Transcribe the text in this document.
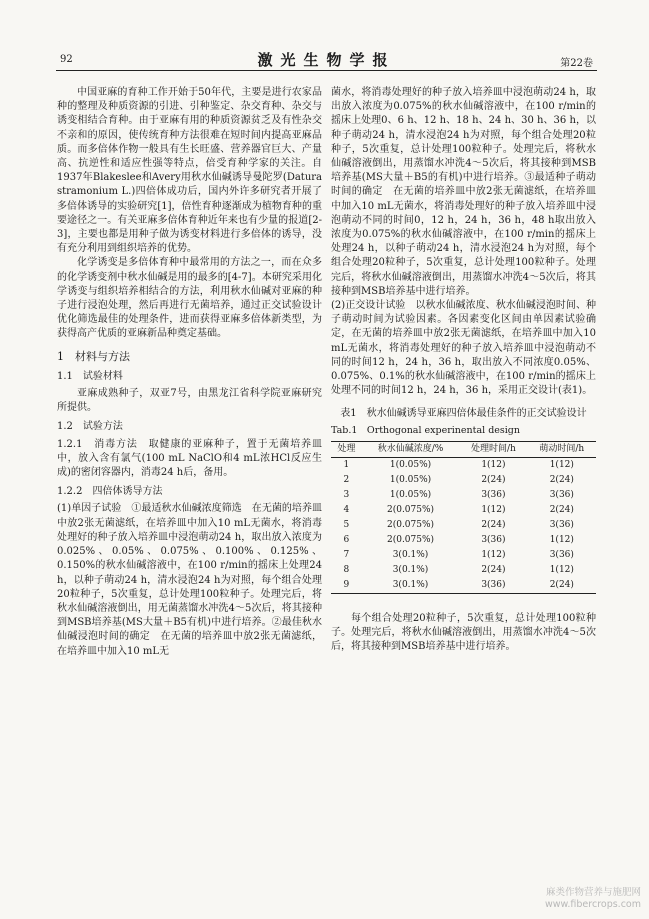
92	激光生物学报	第22卷

中国亚麻的育种工作开始于50年代，主要是进行农家品种的整理及种质资源的引进、引种鉴定、杂交育种、杂交与诱变相结合育种。由于亚麻有用的种质资源贫乏及有性杂交不亲和的原因，使传统育种方法很难在短时间内提高亚麻品质。而多倍体作物一般具有生长旺盛、营养器官巨大、产量高、抗逆性和适应性强等特点，倍受育种学家的关注。自1937年Blakeslee和Avery用秋水仙碱诱导曼陀罗(Datura stramonium L.)四倍体成功后，国内外许多研究者开展了多倍体诱导的实验研究[1]，倍性育种逐渐成为植物育种的重要途径之一。有关亚麻多倍体育种近年来也有少量的报道[2-3]，主要也都是用种子做为诱变材料进行多倍体的诱导，没有充分利用到组织培养的优势。

化学诱变是多倍体育种中最常用的方法之一，而在众多的化学诱变剂中秋水仙碱是用的最多的[4-7]。本研究采用化学诱变与组织培养相结合的方法，利用秋水仙碱对亚麻的种子进行浸泡处理，然后再进行无菌培养，通过正交试验设计优化筛选最佳的处理条件，进而获得亚麻多倍体新类型，为获得高产优质的亚麻新品种奠定基础。

1　材料与方法

1.1　试验材料

亚麻成熟种子，双亚7号，由黑龙江省科学院亚麻研究所提供。

1.2　试验方法

1.2.1　消毒方法　 取健康的亚麻种子，置于无菌培养皿中，放入含有氯气(100 mL NaClO和4 mL浓HCl反应生成)的密闭容器内，消毒24 h后，备用。

1.2.2　四倍体诱导方法

(1)单因子试验　①最适秋水仙碱浓度筛选　在无菌的培养皿中放2张无菌滤纸，在培养皿中加入10 mL无菌水，将消毒处理好的种子放入培养皿中浸泡萌动24 h，取出放入浓度为0.025%、0.05%、0.075%、0.100%、0.125%、0.150%的秋水仙碱溶液中，在100 r/min的摇床上处理24 h，以种子萌动24 h，清水浸泡24 h为对照，每个组合处理20粒种子，5次重复，总计处理100粒种子。处理完后，将秋水仙碱溶液倒出，用无菌蒸馏水冲洗4～5次后，将其接种到MSB培养基(MS大量＋B5有机)中进行培养。②最佳秋水仙碱浸泡时间的确定　在无菌的培养皿中放2张无菌滤纸，在培养皿中加入10 mL无

菌水，将消毒处理好的种子放入培养皿中浸泡萌动24 h，取出放入浓度为0.075%的秋水仙碱溶液中，在100 r/min的摇床上处理0、6 h、12 h、18 h、24 h、30 h、36 h，以种子萌动24 h，清水浸泡24 h为对照，每个组合处理20粒种子，5次重复，总计处理100粒种子。处理完后，将秋水仙碱溶液倒出，用蒸馏水冲洗4～5次后，将其接种到MSB培养基(MS大量＋B5的有机)中进行培养。③最适种子萌动时间的确定　在无菌的培养皿中放2张无菌滤纸，在培养皿中加入10 mL无菌水，将消毒处理好的种子放入培养皿中浸泡萌动不同的时间0，12 h，24 h，36 h，48 h取出放入浓度为0.075%的秋水仙碱溶液中，在100 r/min的摇床上处理24 h，以种子萌动24 h，清水浸泡24 h为对照，每个组合处理20粒种子，5次重复，总计处理100粒种子。处理完后，将秋水仙碱溶液倒出，用蒸馏水冲洗4～5次后，将其接种到MSB培养基中进行培养。

(2)正交设计试验　以秋水仙碱浓度、秋水仙碱浸泡时间、种子萌动时间为试验因素。各因素变化区间由单因素试验确定，在无菌的培养皿中放2张无菌滤纸，在培养皿中加入10 mL无菌水，将消毒处理好的种子放入培养皿中浸泡萌动不同的时间12 h，24 h，36 h，取出放入不同浓度0.05%、0.075%、0.1%的秋水仙碱溶液中，在100 r/min的摇床上处理不同的时间12 h，24 h，36 h，采用正交设计(表1)。

表1　秋水仙碱诱导亚麻四倍体最佳条件的正交试验设计

Tab.1　Orthogonal experinental design

处理	秋水仙碱浓度/%	处理时间/h	萌动时间/h
1	1(0.05%)	1(12)	1(12)
2	1(0.05%)	2(24)	2(24)
3	1(0.05%)	3(36)	3(36)
4	2(0.075%)	1(12)	2(24)
5	2(0.075%)	2(24)	3(36)
6	2(0.075%)	3(36)	1(12)
7	3(0.1%)	1(12)	3(36)
8	3(0.1%)	2(24)	1(12)
9	3(0.1%)	3(36)	2(24)

每个组合处理20粒种子，5次重复，总计处理100粒种子。处理完后，将秋水仙碱溶液倒出，用蒸馏水冲洗4～5次后，将其接种到MSB培养基中进行培养。

麻类作物营养与施肥网
www.fibercrops.com
